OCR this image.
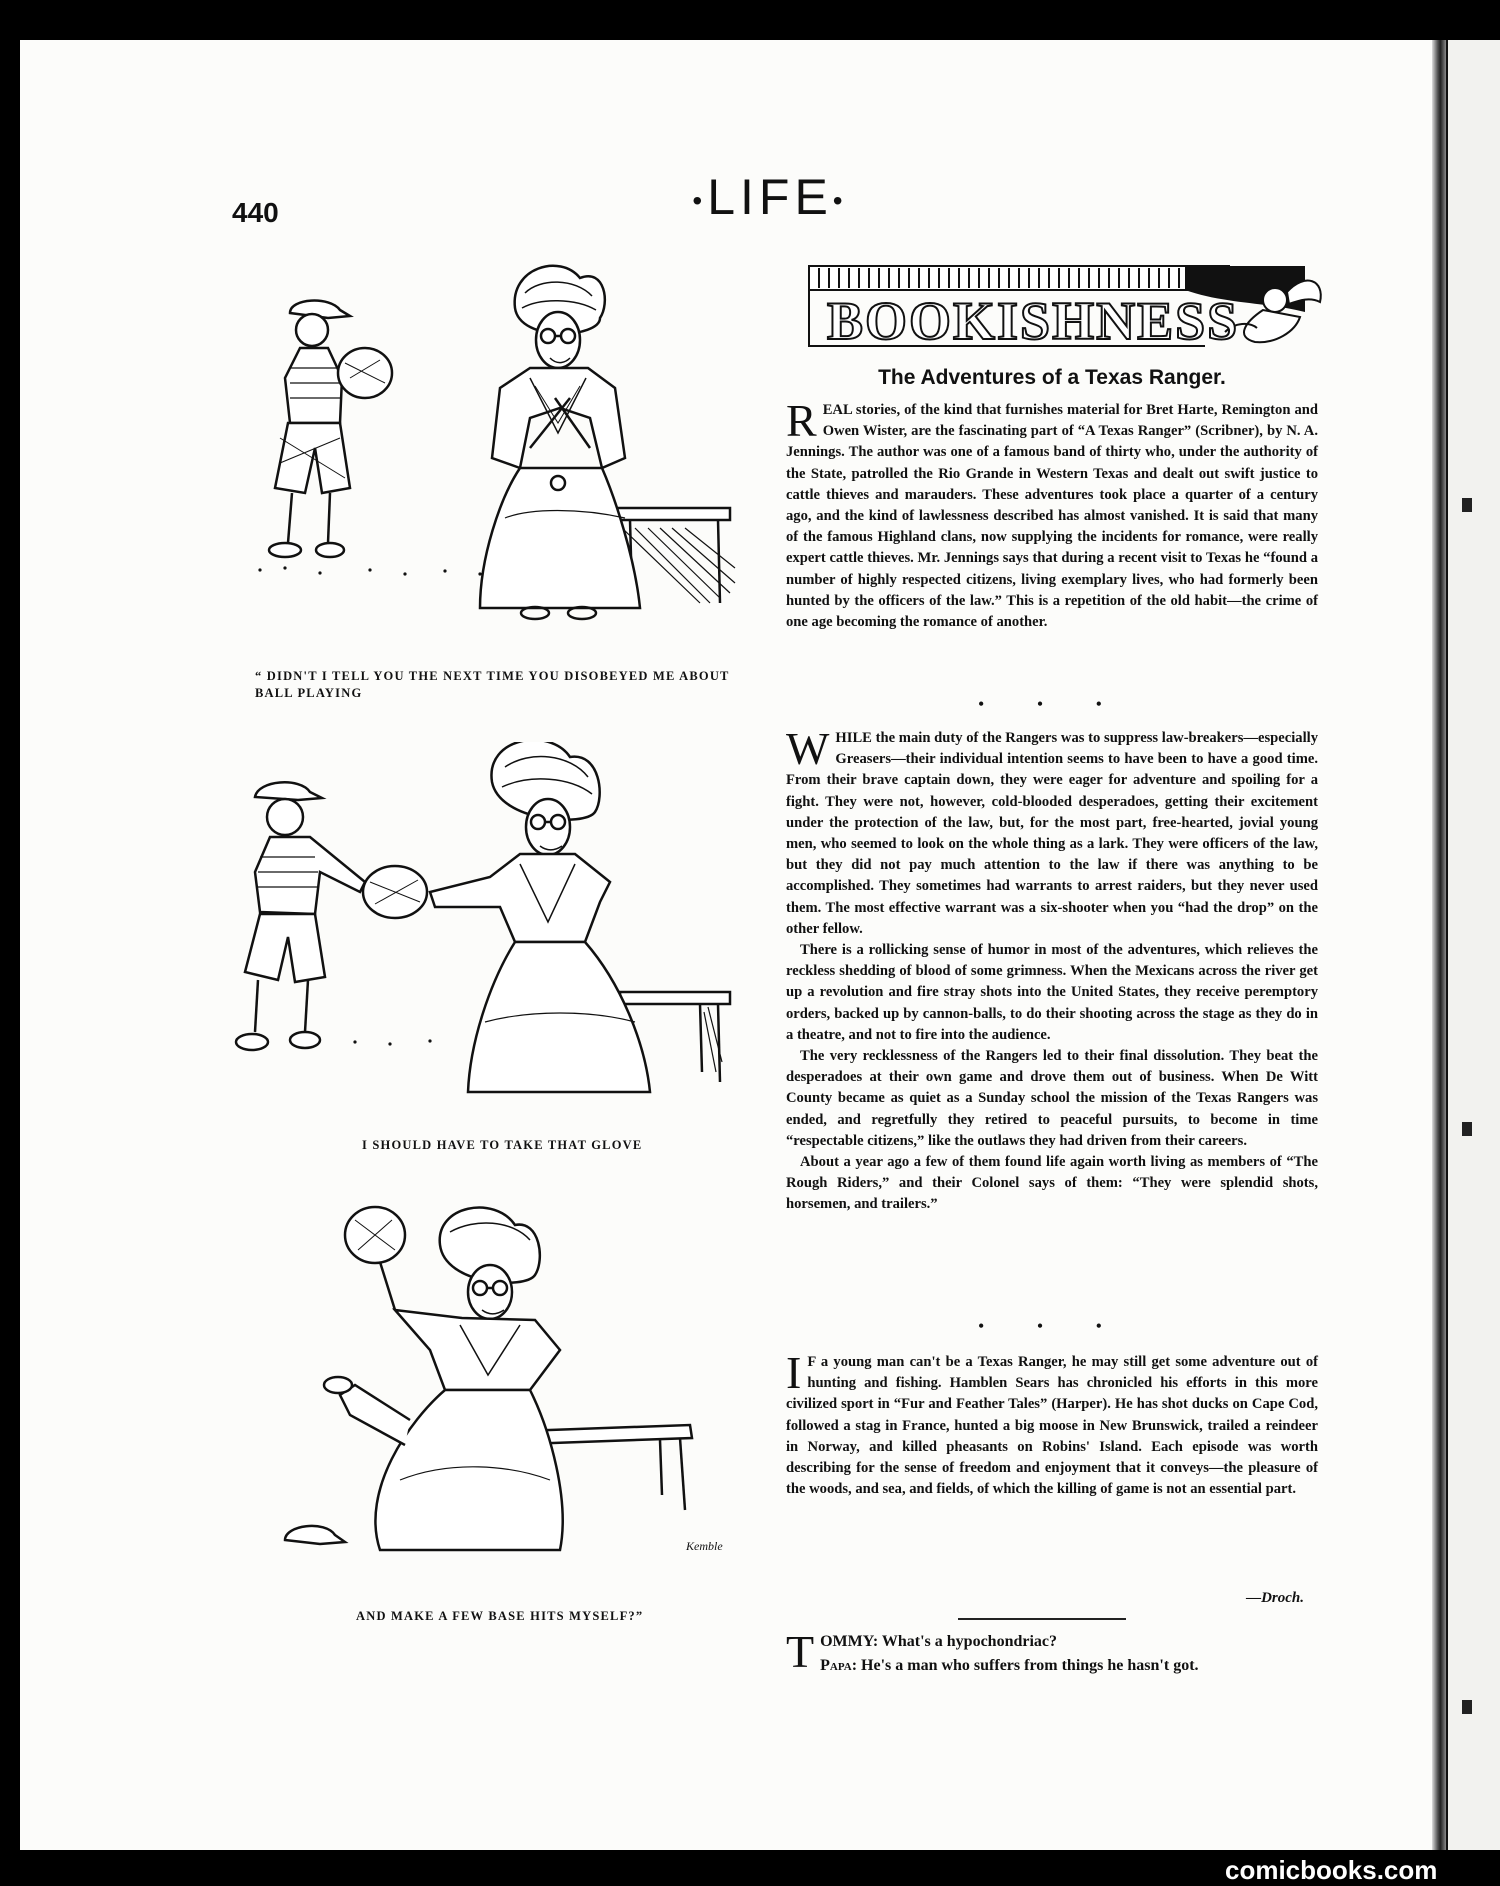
440	•LIFE•
“ DIDN'T I TELL YOU THE NEXT TIME YOU DISOBEYED ME ABOUT BALL PLAYING
I SHOULD HAVE TO TAKE THAT GLOVE
Kemble
AND MAKE A FEW BASE HITS MYSELF?”
BOOKISHNESS
The Adventures of a Texas Ranger.

REAL stories, of the kind that furnishes material for Bret Harte, Remington and Owen Wister, are the fascinating part of “A Texas Ranger” (Scribner), by N. A. Jennings. The author was one of a famous band of thirty who, under the authority of the State, patrolled the Rio Grande in Western Texas and dealt out swift justice to cattle thieves and marauders. These adventures took place a quarter of a century ago, and the kind of lawlessness described has almost vanished. It is said that many of the famous Highland clans, now supplying the incidents for romance, were really expert cattle thieves. Mr. Jennings says that during a recent visit to Texas he “found a number of highly respected citizens, living exemplary lives, who had formerly been hunted by the officers of the law.” This is a repetition of the old habit—the crime of one age becoming the romance of another.

• • •

WHILE the main duty of the Rangers was to suppress law-breakers—especially Greasers—their individual intention seems to have been to have a good time. From their brave captain down, they were eager for adventure and spoiling for a fight. They were not, however, cold-blooded desperadoes, getting their excitement under the protection of the law, but, for the most part, free-hearted, jovial young men, who seemed to look on the whole thing as a lark. They were officers of the law, but they did not pay much attention to the law if there was anything to be accomplished. They sometimes had warrants to arrest raiders, but they never used them. The most effective warrant was a six-shooter when you “had the drop” on the other fellow.

There is a rollicking sense of humor in most of the adventures, which relieves the reckless shedding of blood of some grimness. When the Mexicans across the river get up a revolution and fire stray shots into the United States, they receive peremptory orders, backed up by cannon-balls, to do their shooting across the stage as they do in a theatre, and not to fire into the audience.

The very recklessness of the Rangers led to their final dissolution. They beat the desperadoes at their own game and drove them out of business. When De Witt County became as quiet as a Sunday school the mission of the Texas Rangers was ended, and regretfully they retired to peaceful pursuits, to become in time “respectable citizens,” like the outlaws they had driven from their careers.

About a year ago a few of them found life again worth living as members of “The Rough Riders,” and their Colonel says of them: “They were splendid shots, horsemen, and trailers.”

• • •

I F a young man can't be a Texas Ranger, he may still get some adventure out of hunting and fishing. Hamblen Sears has chronicled his efforts in this more civilized sport in “Fur and Feather Tales” (Harper). He has shot ducks on Cape Cod, followed a stag in France, hunted a big moose in New Brunswick, trailed a reindeer in Norway, and killed pheasants on Robins' Island. Each episode was worth describing for the sense of freedom and enjoyment that it conveys—the pleasure of the woods, and sea, and fields, of which the killing of game is not an essential part.

—Droch.
TOMMY: What's a hypochondriac?
Papa: He's a man who suffers from things he hasn't got.
comicbooks.com
